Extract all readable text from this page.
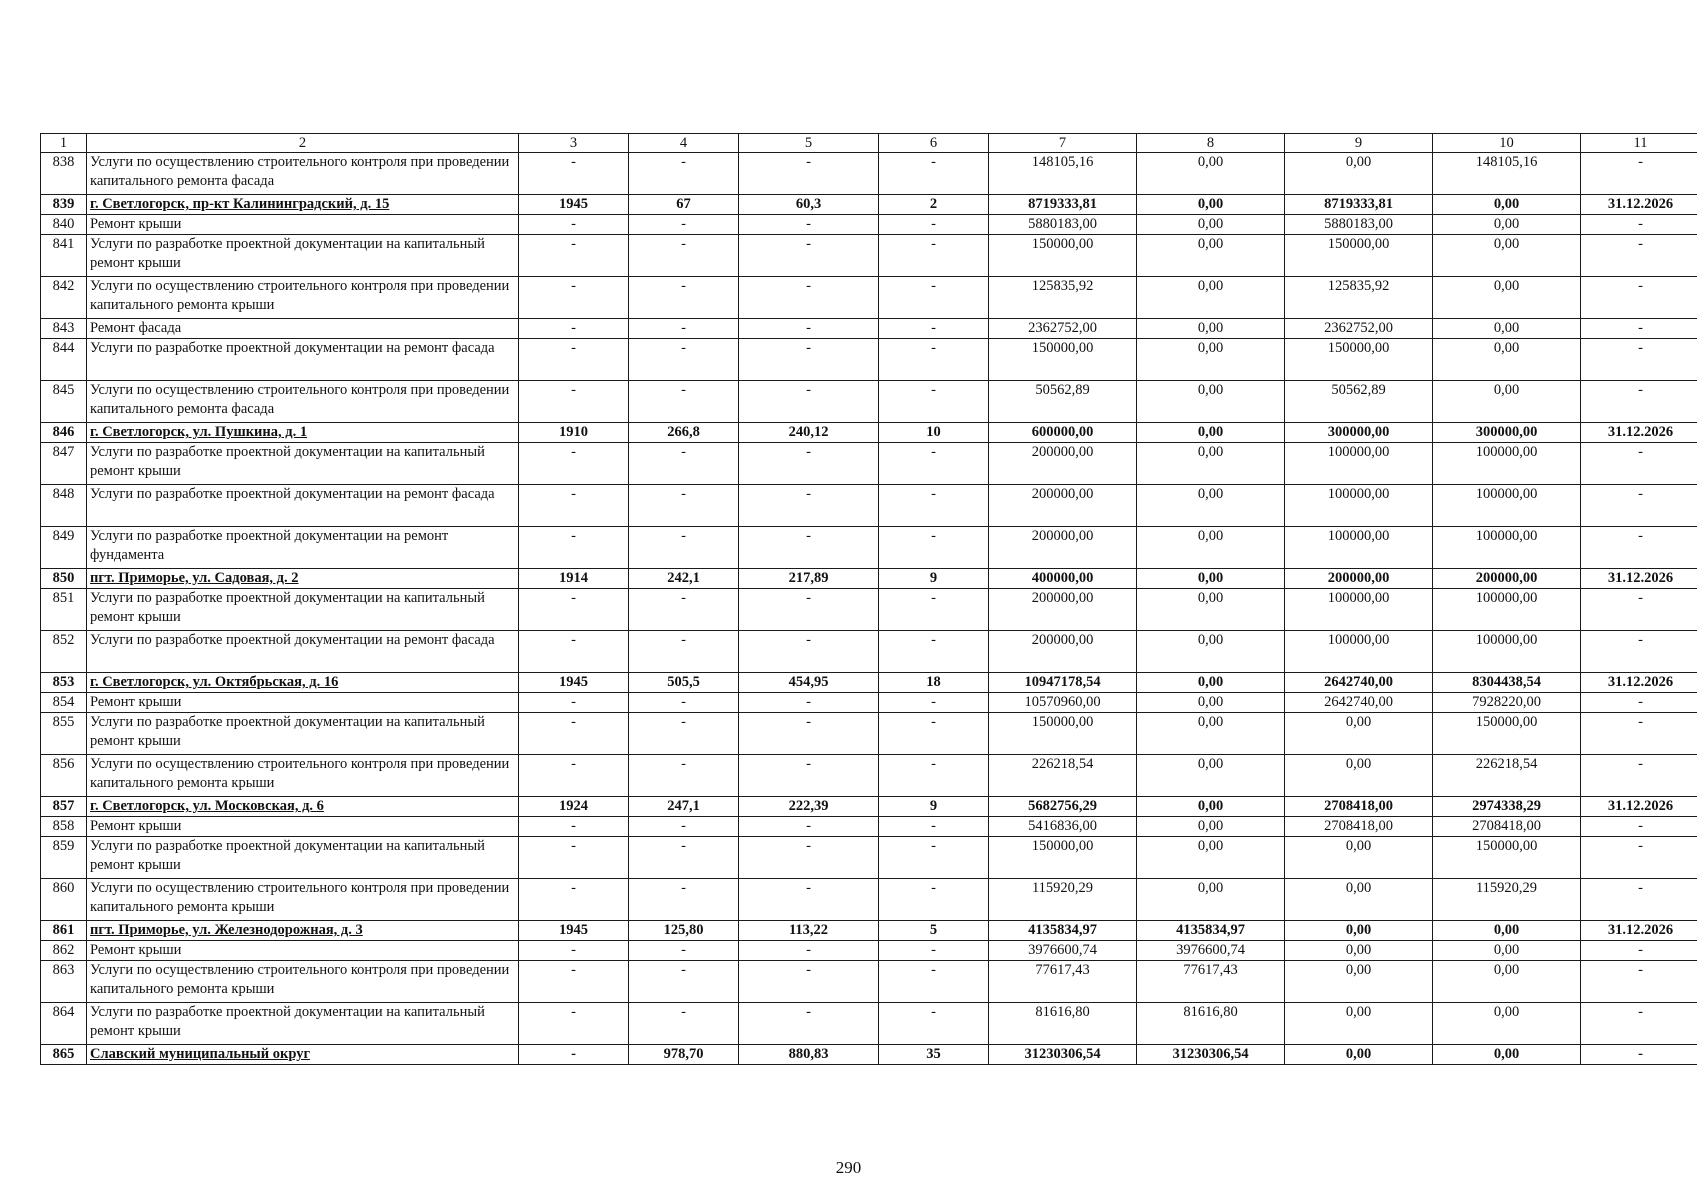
1	2	3	4	5	6	7	8	9	10	11
838	Услуги по осуществлению строительного контроля при проведении капитального ремонта фасада	-	-	-	-	148105,16	0,00	0,00	148105,16	-
839	г. Светлогорск, пр-кт Калининградский, д. 15	1945	67	60,3	2	8719333,81	0,00	8719333,81	0,00	31.12.2026
840	Ремонт крыши	-	-	-	-	5880183,00	0,00	5880183,00	0,00	-
841	Услуги по разработке проектной документации на капитальный ремонт крыши	-	-	-	-	150000,00	0,00	150000,00	0,00	-
842	Услуги по осуществлению строительного контроля при проведении капитального ремонта крыши	-	-	-	-	125835,92	0,00	125835,92	0,00	-
843	Ремонт фасада	-	-	-	-	2362752,00	0,00	2362752,00	0,00	-
844	Услуги по разработке проектной документации на ремонт фасада	-	-	-	-	150000,00	0,00	150000,00	0,00	-
845	Услуги по осуществлению строительного контроля при проведении капитального ремонта фасада	-	-	-	-	50562,89	0,00	50562,89	0,00	-
846	г. Светлогорск, ул. Пушкина, д. 1	1910	266,8	240,12	10	600000,00	0,00	300000,00	300000,00	31.12.2026
847	Услуги по разработке проектной документации на капитальный ремонт крыши	-	-	-	-	200000,00	0,00	100000,00	100000,00	-
848	Услуги по разработке проектной документации на ремонт фасада	-	-	-	-	200000,00	0,00	100000,00	100000,00	-
849	Услуги по разработке проектной документации на ремонт фундамента	-	-	-	-	200000,00	0,00	100000,00	100000,00	-
850	пгт. Приморье, ул. Садовая, д. 2	1914	242,1	217,89	9	400000,00	0,00	200000,00	200000,00	31.12.2026
851	Услуги по разработке проектной документации на капитальный ремонт крыши	-	-	-	-	200000,00	0,00	100000,00	100000,00	-
852	Услуги по разработке проектной документации на ремонт фасада	-	-	-	-	200000,00	0,00	100000,00	100000,00	-
853	г. Светлогорск, ул. Октябрьская, д. 16	1945	505,5	454,95	18	10947178,54	0,00	2642740,00	8304438,54	31.12.2026
854	Ремонт крыши	-	-	-	-	10570960,00	0,00	2642740,00	7928220,00	-
855	Услуги по разработке проектной документации на капитальный ремонт крыши	-	-	-	-	150000,00	0,00	0,00	150000,00	-
856	Услуги по осуществлению строительного контроля при проведении капитального ремонта крыши	-	-	-	-	226218,54	0,00	0,00	226218,54	-
857	г. Светлогорск, ул. Московская, д. 6	1924	247,1	222,39	9	5682756,29	0,00	2708418,00	2974338,29	31.12.2026
858	Ремонт крыши	-	-	-	-	5416836,00	0,00	2708418,00	2708418,00	-
859	Услуги по разработке проектной документации на капитальный ремонт крыши	-	-	-	-	150000,00	0,00	0,00	150000,00	-
860	Услуги по осуществлению строительного контроля при проведении капитального ремонта крыши	-	-	-	-	115920,29	0,00	0,00	115920,29	-
861	пгт. Приморье, ул. Железнодорожная, д. 3	1945	125,80	113,22	5	4135834,97	4135834,97	0,00	0,00	31.12.2026
862	Ремонт крыши	-	-	-	-	3976600,74	3976600,74	0,00	0,00	-
863	Услуги по осуществлению строительного контроля при проведении капитального ремонта крыши	-	-	-	-	77617,43	77617,43	0,00	0,00	-
864	Услуги по разработке проектной документации на капитальный ремонт крыши	-	-	-	-	81616,80	81616,80	0,00	0,00	-
865	Славский муниципальный округ	-	978,70	880,83	35	31230306,54	31230306,54	0,00	0,00	-
290
